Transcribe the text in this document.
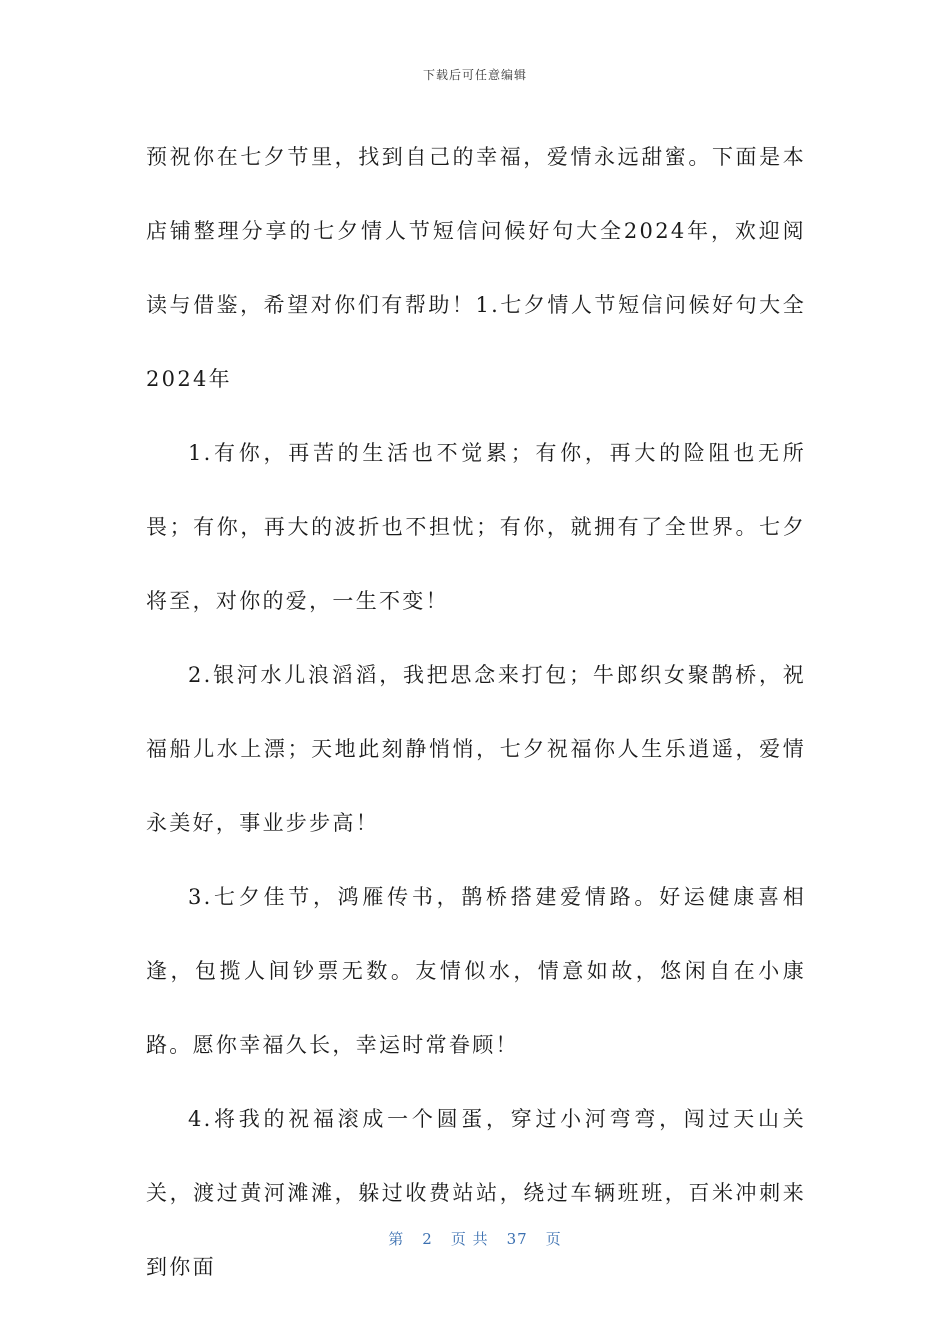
下载后可任意编辑

预祝你在七夕节里，找到自己的幸福，爱情永远甜蜜。下面是本店铺整理分享的七夕情人节短信问候好句大全2024年，欢迎阅读与借鉴，希望对你们有帮助！1.七夕情人节短信问候好句大全2024年

1.有你，再苦的生活也不觉累；有你，再大的险阻也无所畏；有你，再大的波折也不担忧；有你，就拥有了全世界。七夕将至，对你的爱，一生不变！

2.银河水儿浪滔滔，我把思念来打包；牛郎织女聚鹊桥，祝福船儿水上漂；天地此刻静悄悄，七夕祝福你人生乐逍遥，爱情永美好，事业步步高！

3.七夕佳节，鸿雁传书，鹊桥搭建爱情路。好运健康喜相逢，包揽人间钞票无数。友情似水，情意如故，悠闲自在小康路。愿你幸福久长，幸运时常眷顾！

4.将我的祝福滚成一个圆蛋，穿过小河弯弯，闯过天山关关，渡过黄河滩滩，躲过收费站站，绕过车辆班班，百米冲刺来到你面

第 2 页 共 37 页
